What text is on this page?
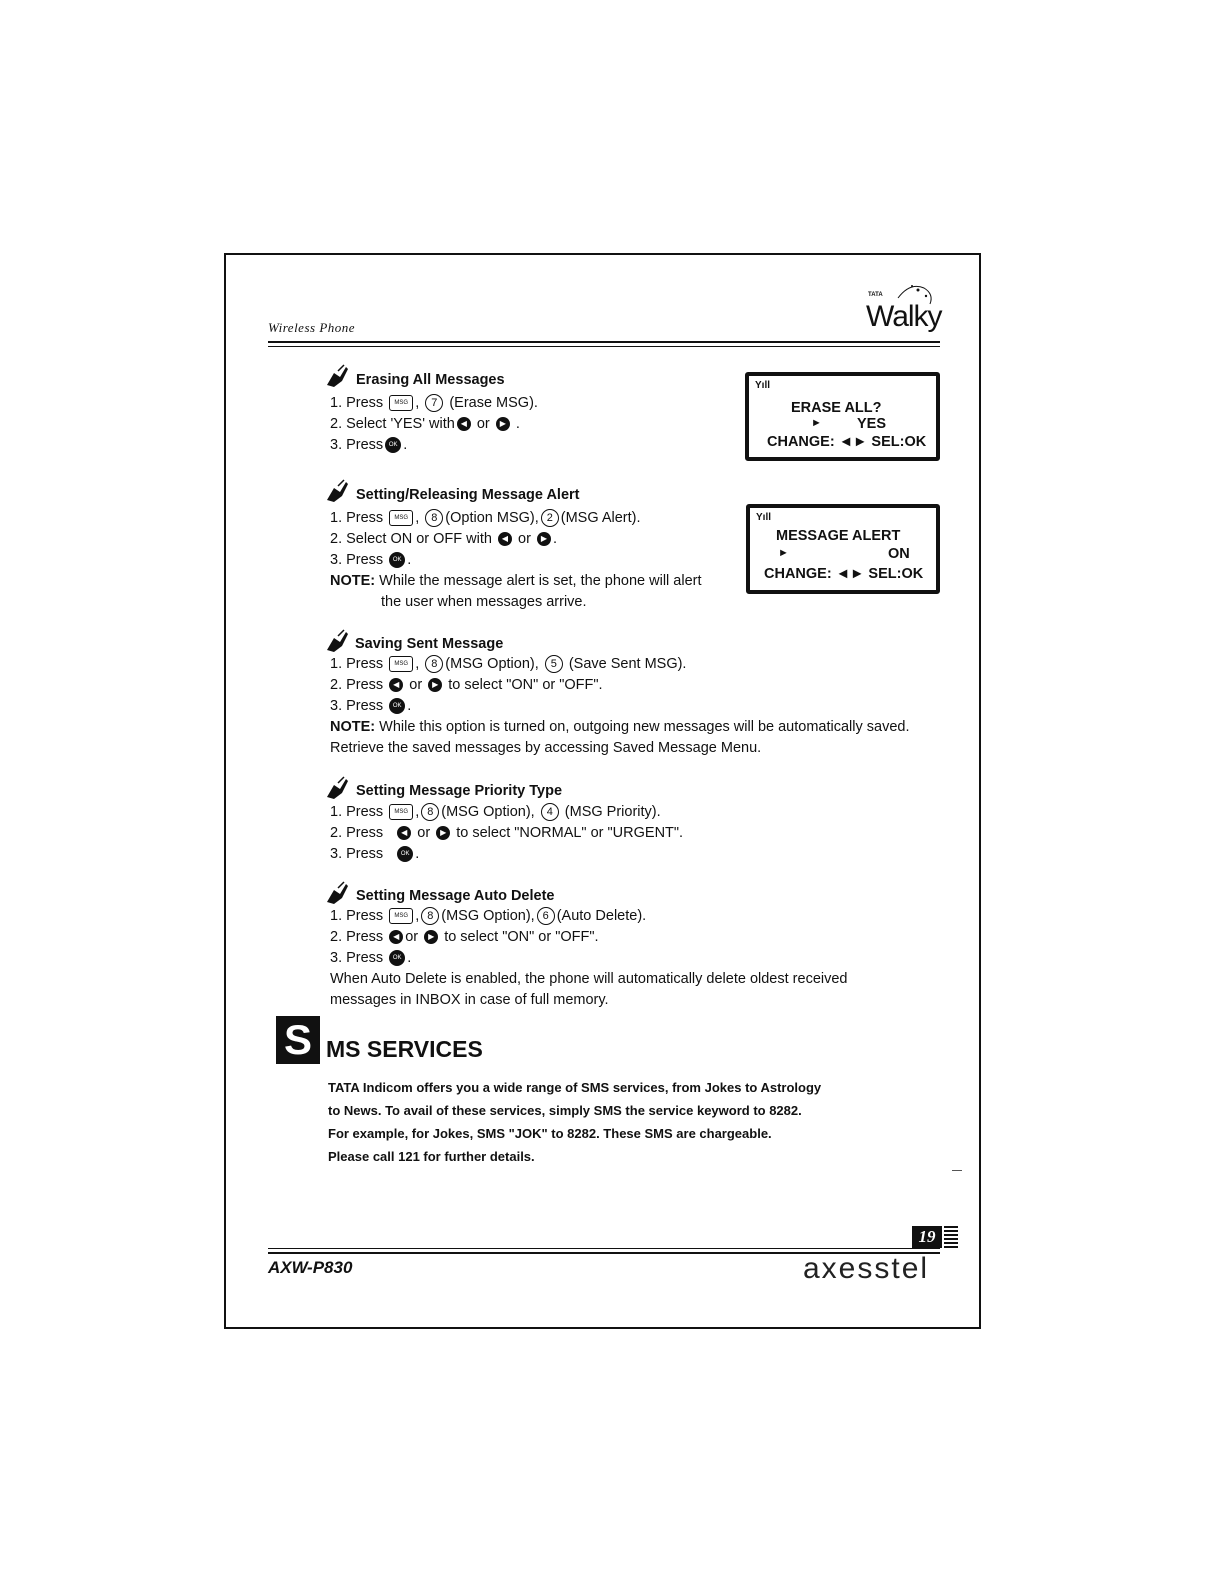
Wireless Phone
TATA
Walky
Erasing All Messages
1. Press MSG , 7 (Erase MSG).
2. Select 'YES' with ◀ or ▶ .
3. Press OK .
Yıll
ERASE ALL?
► YES
CHANGE: ◄► SEL:OK
Setting/Releasing Message Alert
1. Press MSG , 8 (Option MSG), 2 (MSG Alert).
2. Select ON or OFF with ◀ or ▶ .
3. Press OK .
NOTE: While the message alert is set, the phone will alert
the user when messages arrive.
Yıll
MESSAGE ALERT
►	ON
CHANGE: ◄► SEL:OK
Saving Sent Message
1. Press MSG , 8 (MSG Option), 5 (Save Sent MSG).
2. Press ◀ or ▶ to select "ON" or "OFF".
3. Press OK .
NOTE: While this option is turned on, outgoing new messages will be automatically saved.
Retrieve the saved messages by accessing Saved Message Menu.
Setting Message Priority Type
1. Press MSG , 8 (MSG Option), 4 (MSG Priority).
2. Press ◀ or ▶ to select "NORMAL" or "URGENT".
3. Press	OK .
Setting Message Auto Delete
1. Press MSG , 8 (MSG Option), 6 (Auto Delete).
2. Press ◀ or ▶ to select "ON" or "OFF".
3. Press OK .
When Auto Delete is enabled, the phone will automatically delete oldest received
messages in INBOX in case of full memory.
S MS SERVICES
TATA Indicom offers you a wide range of SMS services, from Jokes to Astrology
to News. To avail of these services, simply SMS the service keyword to 8282.
For example, for Jokes, SMS "JOK" to 8282. These SMS are chargeable.
Please call 121 for further details.
19
AXW-P830	axesstel
